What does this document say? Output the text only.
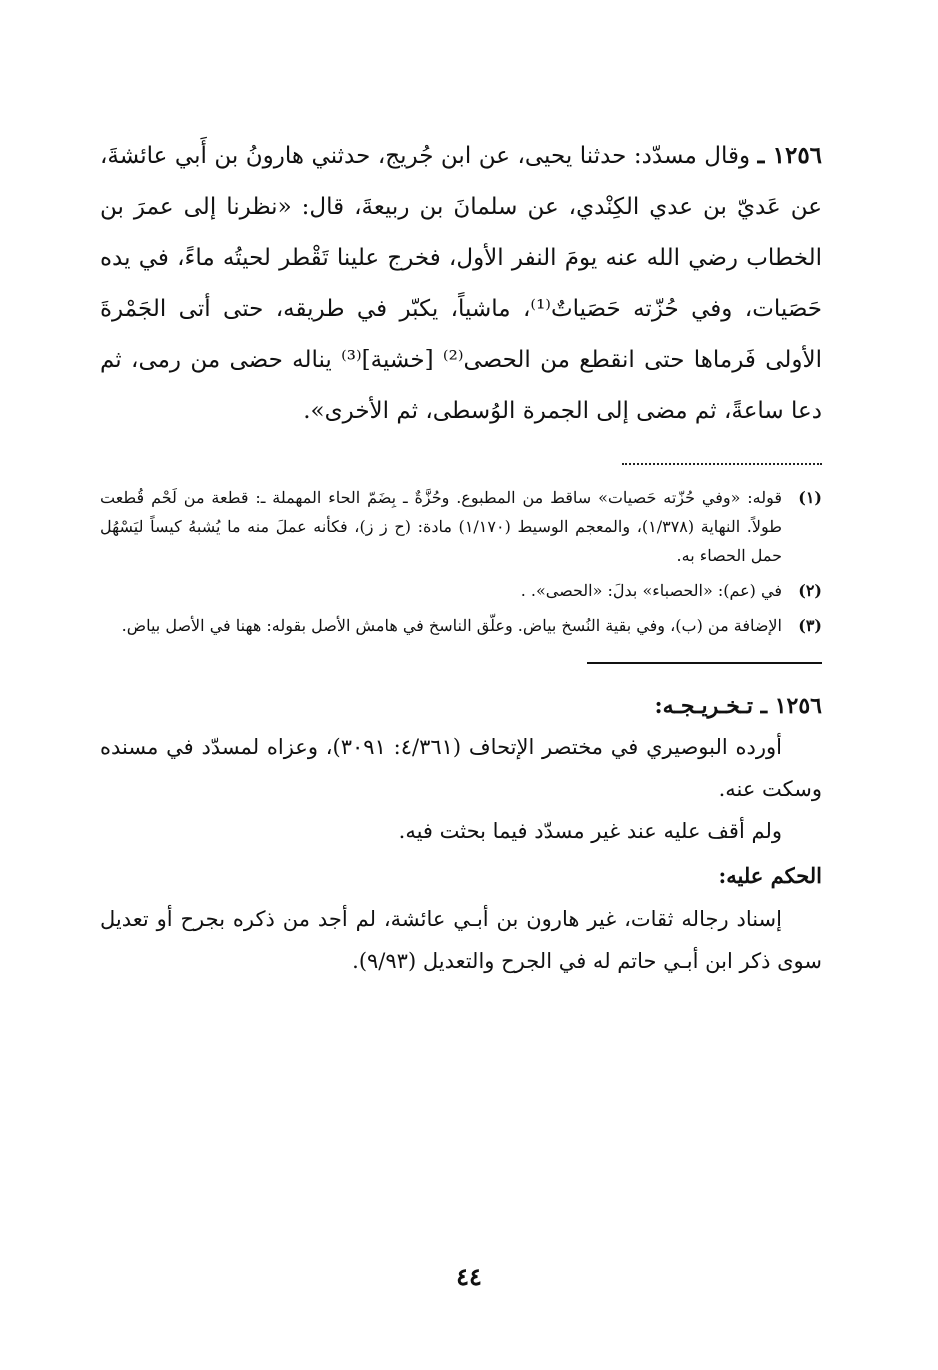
١٢٥٦ ـ وقال مسدّد: حدثنا يحيى، عن ابن جُريج، حدثني هارونُ بن أَبي عائشةَ، عن عَديّ بن عدي الكِنْدي، عن سلمانَ بن ربيعةَ، قال: «نظرنا إلى عمرَ بن الخطاب رضي الله عنه يومَ النفر الأول، فخرج علينا تَقْطر لحيتُه ماءً، في يده حَصَيات، وفي حُزّته حَصَياتٌ⁽¹⁾، ماشياً، يكبّر في طريقه، حتى أتى الجَمْرةَ الأولى فَرماها حتى انقطع من الحصى⁽²⁾ [خشية]⁽³⁾ يناله حضى من رمى، ثم دعا ساعةً، ثم مضى إلى الجمرة الوُسطى، ثم الأخرى».

(١)
قوله: «وفي حُزّته حَصيات» ساقط من المطبوع. وحُزَّةٌ ـ بِضَمّ الحاء المهملة ـ: قطعة من لَحْم قُطعت طولاً. النهاية (١/٣٧٨)، والمعجم الوسيط (١/١٧٠) مادة: (ح ز ز)، فكأنه عملَ منه ما يُشبهُ كيساً ليَسْهُل حمل الحصاء به.
(٢)
في (عم): «الحصباء» بدلَ: «الحصى». .
(٣)
الإضافة من (ب)، وفي بقية النُسخ بياض. وعلّق الناسخ في هامش الأصل بقوله: ههنا في الأصل بياض.
١٢٥٦ ـ تـخـريـجـه:

أورده البوصيري في مختصر الإتحاف (٤/٣٦١: ٣٠٩١)، وعزاه لمسدّد في مسنده وسكت عنه.

ولم أقف عليه عند غير مسدّد فيما بحثت فيه.

الحكم عليه:

إسناد رجاله ثقات، غير هارون بن أبـي عائشة، لم أجد من ذكره بجرح أو تعديل سوى ذكر ابن أبـي حاتم له في الجرح والتعديل (٩/٩٣).

٤٤
